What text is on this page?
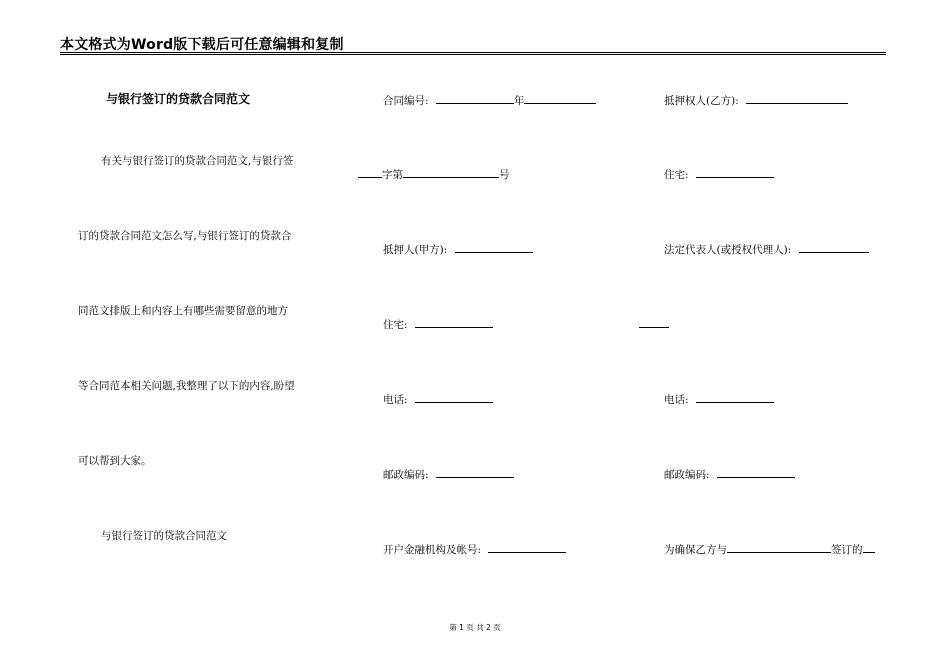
本文格式为Word版下载后可任意编辑和复制
与银行签订的贷款合同范文
有关与银行签订的贷款合同范文,与银行签
订的贷款合同范文怎么写,与银行签订的贷款合
同范文排版上和内容上有哪些需要留意的地方
等合同范本相关问题,我整理了以下的内容,盼望
可以帮到大家。
与银行签订的贷款合同范文
合同编号:	年
字第	号
抵押人(甲方):
住宅:
电话:
邮政编码:
开户金融机构及帐号:
抵押权人(乙方):
住宅:
法定代表人(或授权代理人):
电话:
邮政编码:
为确保乙方与	签订的
第 1 页 共 2 页
